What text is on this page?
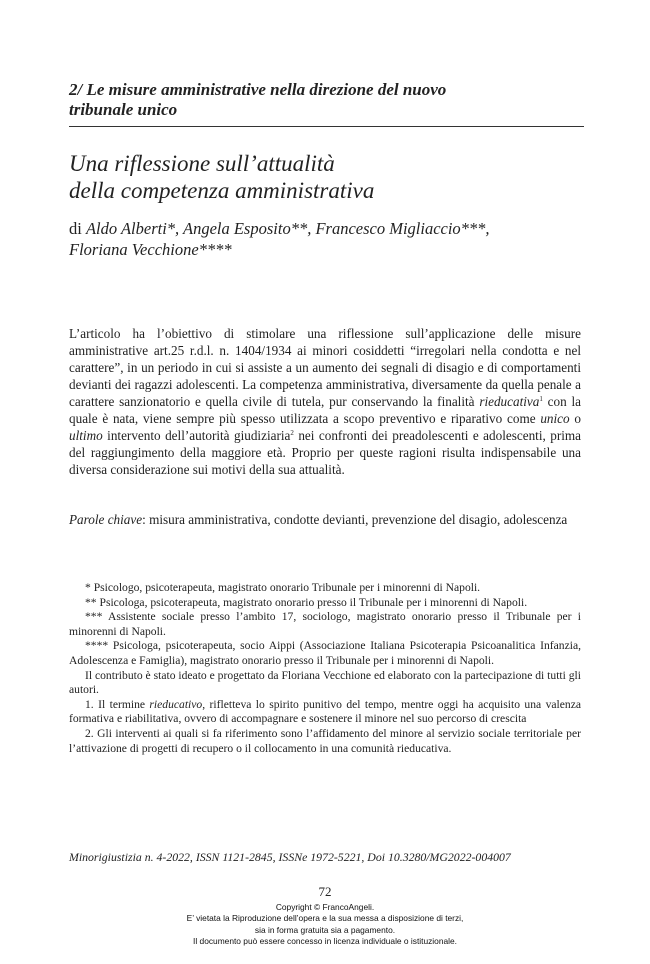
2/ Le misure amministrative nella direzione del nuovo
tribunale unico
Una riflessione sull’attualità
della competenza amministrativa
di Aldo Alberti*, Angela Esposito**, Francesco Migliaccio***,
Floriana Vecchione****

L’articolo ha l’obiettivo di stimolare una riflessione sull’applicazione delle misure amministrative art.25 r.d.l. n. 1404/1934 ai minori cosiddetti “irregolari nella condotta e nel carattere”, in un periodo in cui si assiste a un aumento dei segnali di disagio e di comportamenti devianti dei ragazzi adolescenti. La competenza amministrativa, diversamente da quella penale a carattere sanzionatorio e quella civile di tutela, pur conservando la finalità rieducativa$^1$ con la quale è nata, viene sempre più spesso utilizzata a scopo preventivo e riparativo come unico o ultimo intervento dell’autorità giudiziaria$^2$ nei confronti dei preadolescenti e adolescenti, prima del raggiungimento della maggiore età. Proprio per queste ragioni risulta indispensabile una diversa considerazione sui motivi della sua attualità.

Parole chiave: misura amministrativa, condotte devianti, prevenzione del disagio, adolescenza

* Psicologo, psicoterapeuta, magistrato onorario Tribunale per i minorenni di Napoli.

** Psicologa, psicoterapeuta, magistrato onorario presso il Tribunale per i minorenni di Napoli.

*** Assistente sociale presso l’ambito 17, sociologo, magistrato onorario presso il Tribunale per i minorenni di Napoli.

**** Psicologa, psicoterapeuta, socio Aippi (Associazione Italiana Psicoterapia Psicoanalitica Infanzia, Adolescenza e Famiglia), magistrato onorario presso il Tribunale per i minorenni di Napoli.

Il contributo è stato ideato e progettato da Floriana Vecchione ed elaborato con la partecipazione di tutti gli autori.

1. Il termine rieducativo, rifletteva lo spirito punitivo del tempo, mentre oggi ha acquisito una valenza formativa e riabilitativa, ovvero di accompagnare e sostenere il minore nel suo percorso di crescita

2. Gli interventi ai quali si fa riferimento sono l’affidamento del minore al servizio sociale territoriale per l’attivazione di progetti di recupero o il collocamento in una comunità rieducativa.

Minorigiustizia n. 4-2022, ISSN 1121-2845, ISSNe 1972-5221, Doi 10.3280/MG2022-004007
72
Copyright © FrancoAngeli.
E’ vietata la Riproduzione dell’opera e la sua messa a disposizione di terzi,
sia in forma gratuita sia a pagamento.
Il documento può essere concesso in licenza individuale o istituzionale.
